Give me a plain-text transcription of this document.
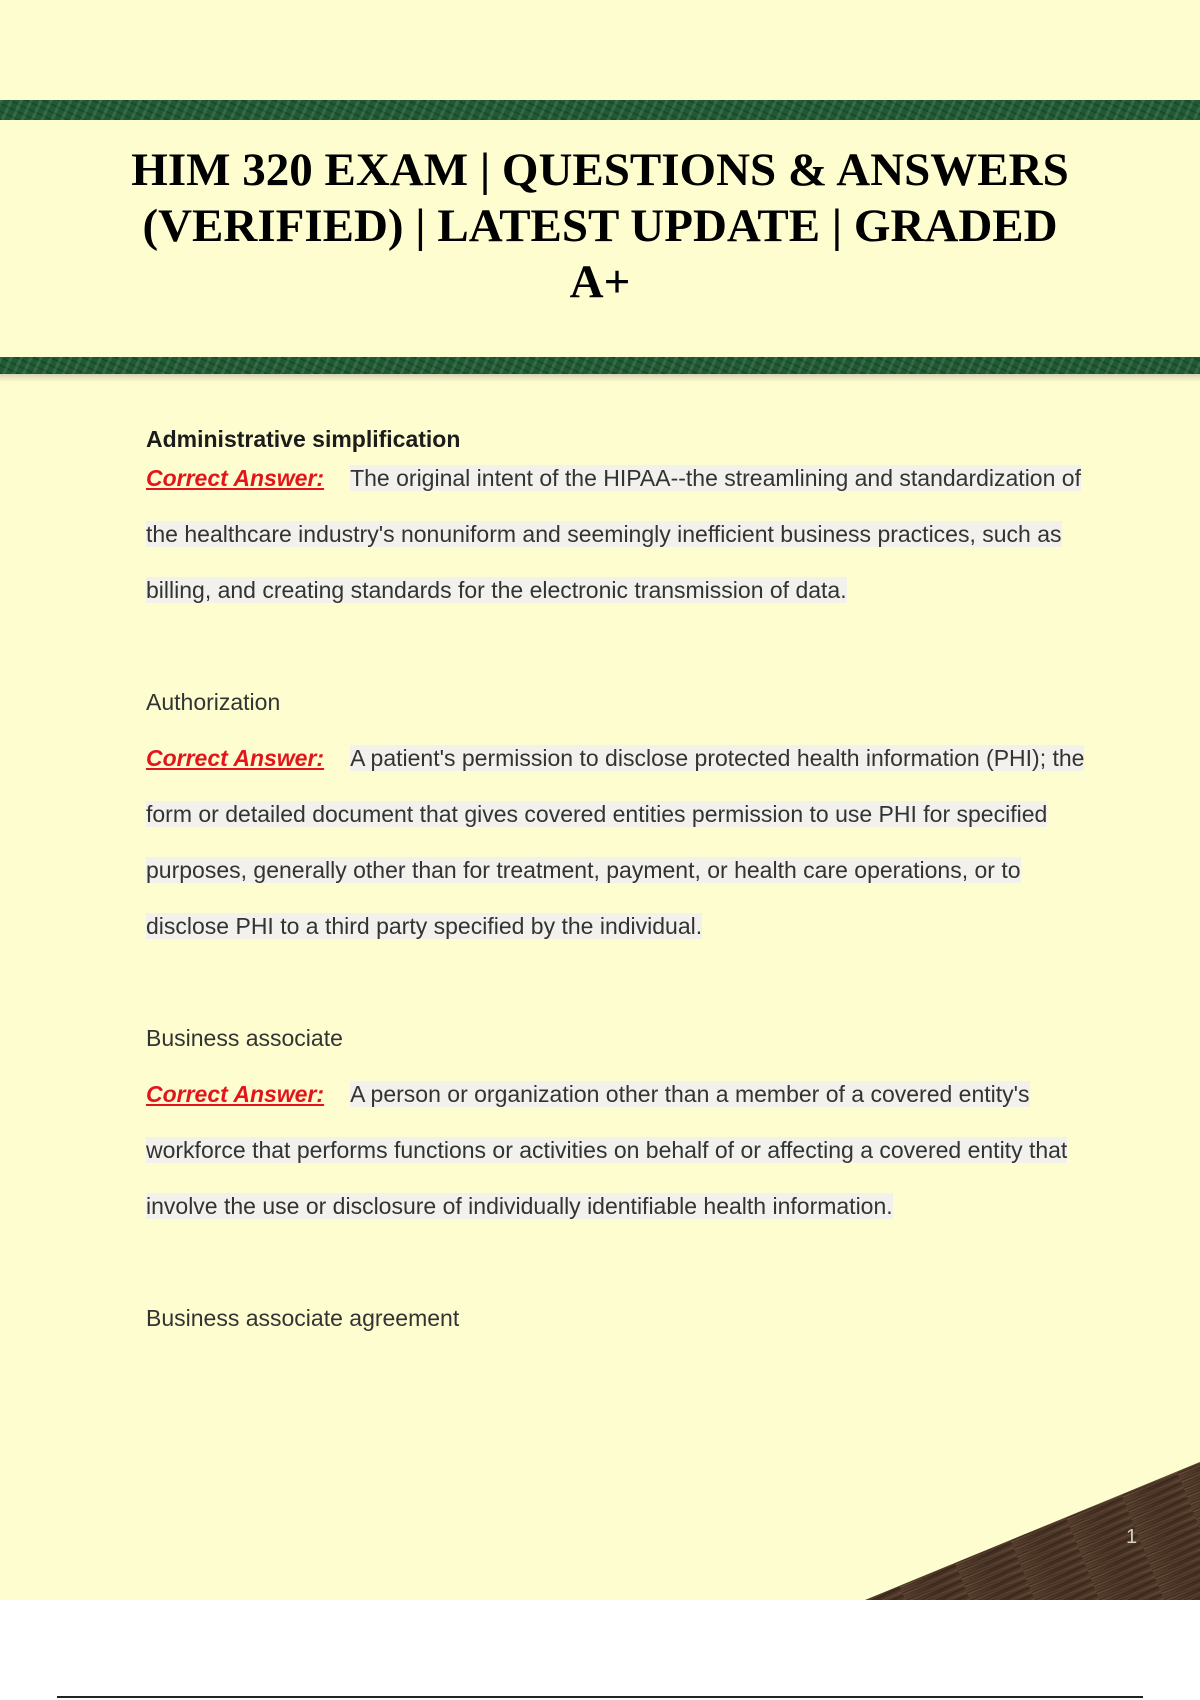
HIM 320 EXAM | QUESTIONS & ANSWERS (VERIFIED) | LATEST UPDATE | GRADED A+
Administrative simplification

Correct Answer: The original intent of the HIPAA--the streamlining and standardization of the healthcare industry's nonuniform and seemingly inefficient business practices, such as billing, and creating standards for the electronic transmission of data.

Authorization

Correct Answer: A patient's permission to disclose protected health information (PHI); the form or detailed document that gives covered entities permission to use PHI for specified purposes, generally other than for treatment, payment, or health care operations, or to disclose PHI to a third party specified by the individual.

Business associate

Correct Answer: A person or organization other than a member of a covered entity's workforce that performs functions or activities on behalf of or affecting a covered entity that involve the use or disclosure of individually identifiable health information.

Business associate agreement
1
